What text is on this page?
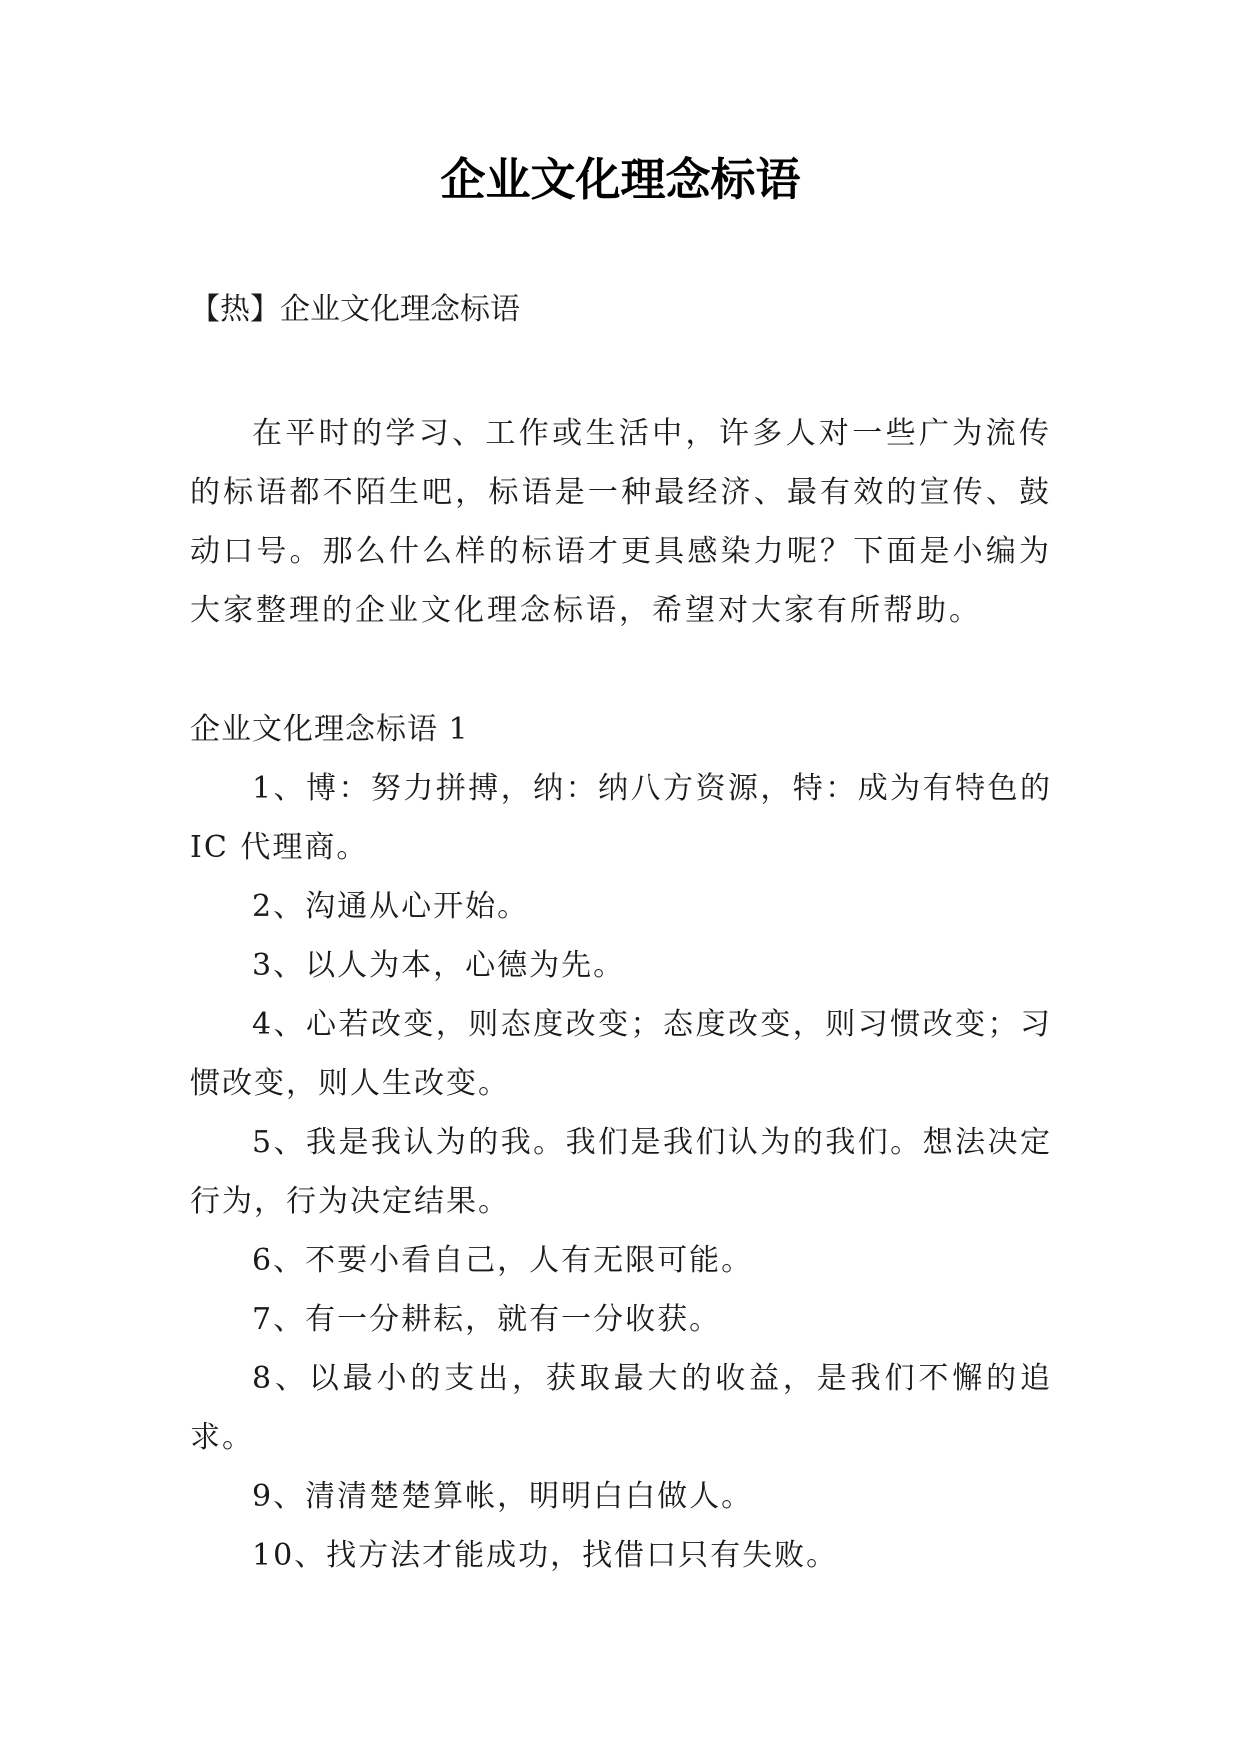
企业文化理念标语

【热】企业文化理念标语

在平时的学习、工作或生活中，许多人对一些广为流传的标语都不陌生吧，标语是一种最经济、最有效的宣传、鼓动口号。那么什么样的标语才更具感染力呢？下面是小编为大家整理的企业文化理念标语，希望对大家有所帮助。

企业文化理念标语 1

1、博：努力拼搏，纳：纳八方资源，特：成为有特色的 IC 代理商。

2、沟通从心开始。

3、以人为本，心德为先。

4、心若改变，则态度改变；态度改变，则习惯改变；习惯改变，则人生改变。

5、我是我认为的我。我们是我们认为的我们。想法决定行为，行为决定结果。

6、不要小看自己，人有无限可能。

7、有一分耕耘，就有一分收获。

8、以最小的支出，获取最大的收益，是我们不懈的追求。

9、清清楚楚算帐，明明白白做人。

10、找方法才能成功，找借口只有失败。
